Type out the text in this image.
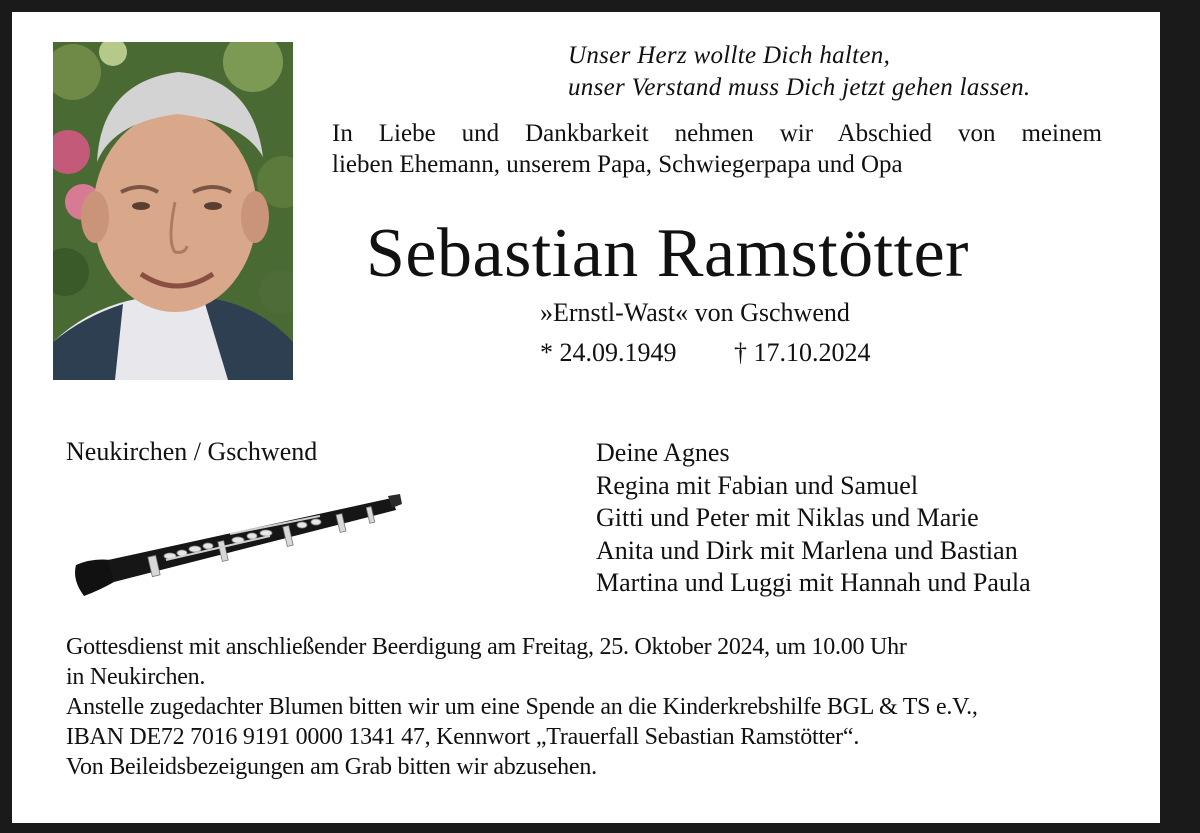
Unser Herz wollte Dich halten,
unser Verstand muss Dich jetzt gehen lassen.
In Liebe und Dankbarkeit nehmen wir Abschied von meinem
lieben Ehemann, unserem Papa, Schwiegerpapa und Opa
Sebastian Ramstötter
»Ernstl-Wast« von Gschwend
* 24.09.1949 † 17.10.2024
Neukirchen / Gschwend	Deine Agnes
Regina mit Fabian und Samuel
Gitti und Peter mit Niklas und Marie
Anita und Dirk mit Marlena und Bastian
Martina und Luggi mit Hannah und Paula
Gottesdienst mit anschließender Beerdigung am Freitag, 25. Oktober 2024, um 10.00 Uhr
in Neukirchen.
Anstelle zugedachter Blumen bitten wir um eine Spende an die Kinderkrebshilfe BGL & TS e.V.,
IBAN DE72 7016 9191 0000 1341 47, Kennwort „Trauerfall Sebastian Ramstötter“.
Von Beileidsbezeigungen am Grab bitten wir abzusehen.
